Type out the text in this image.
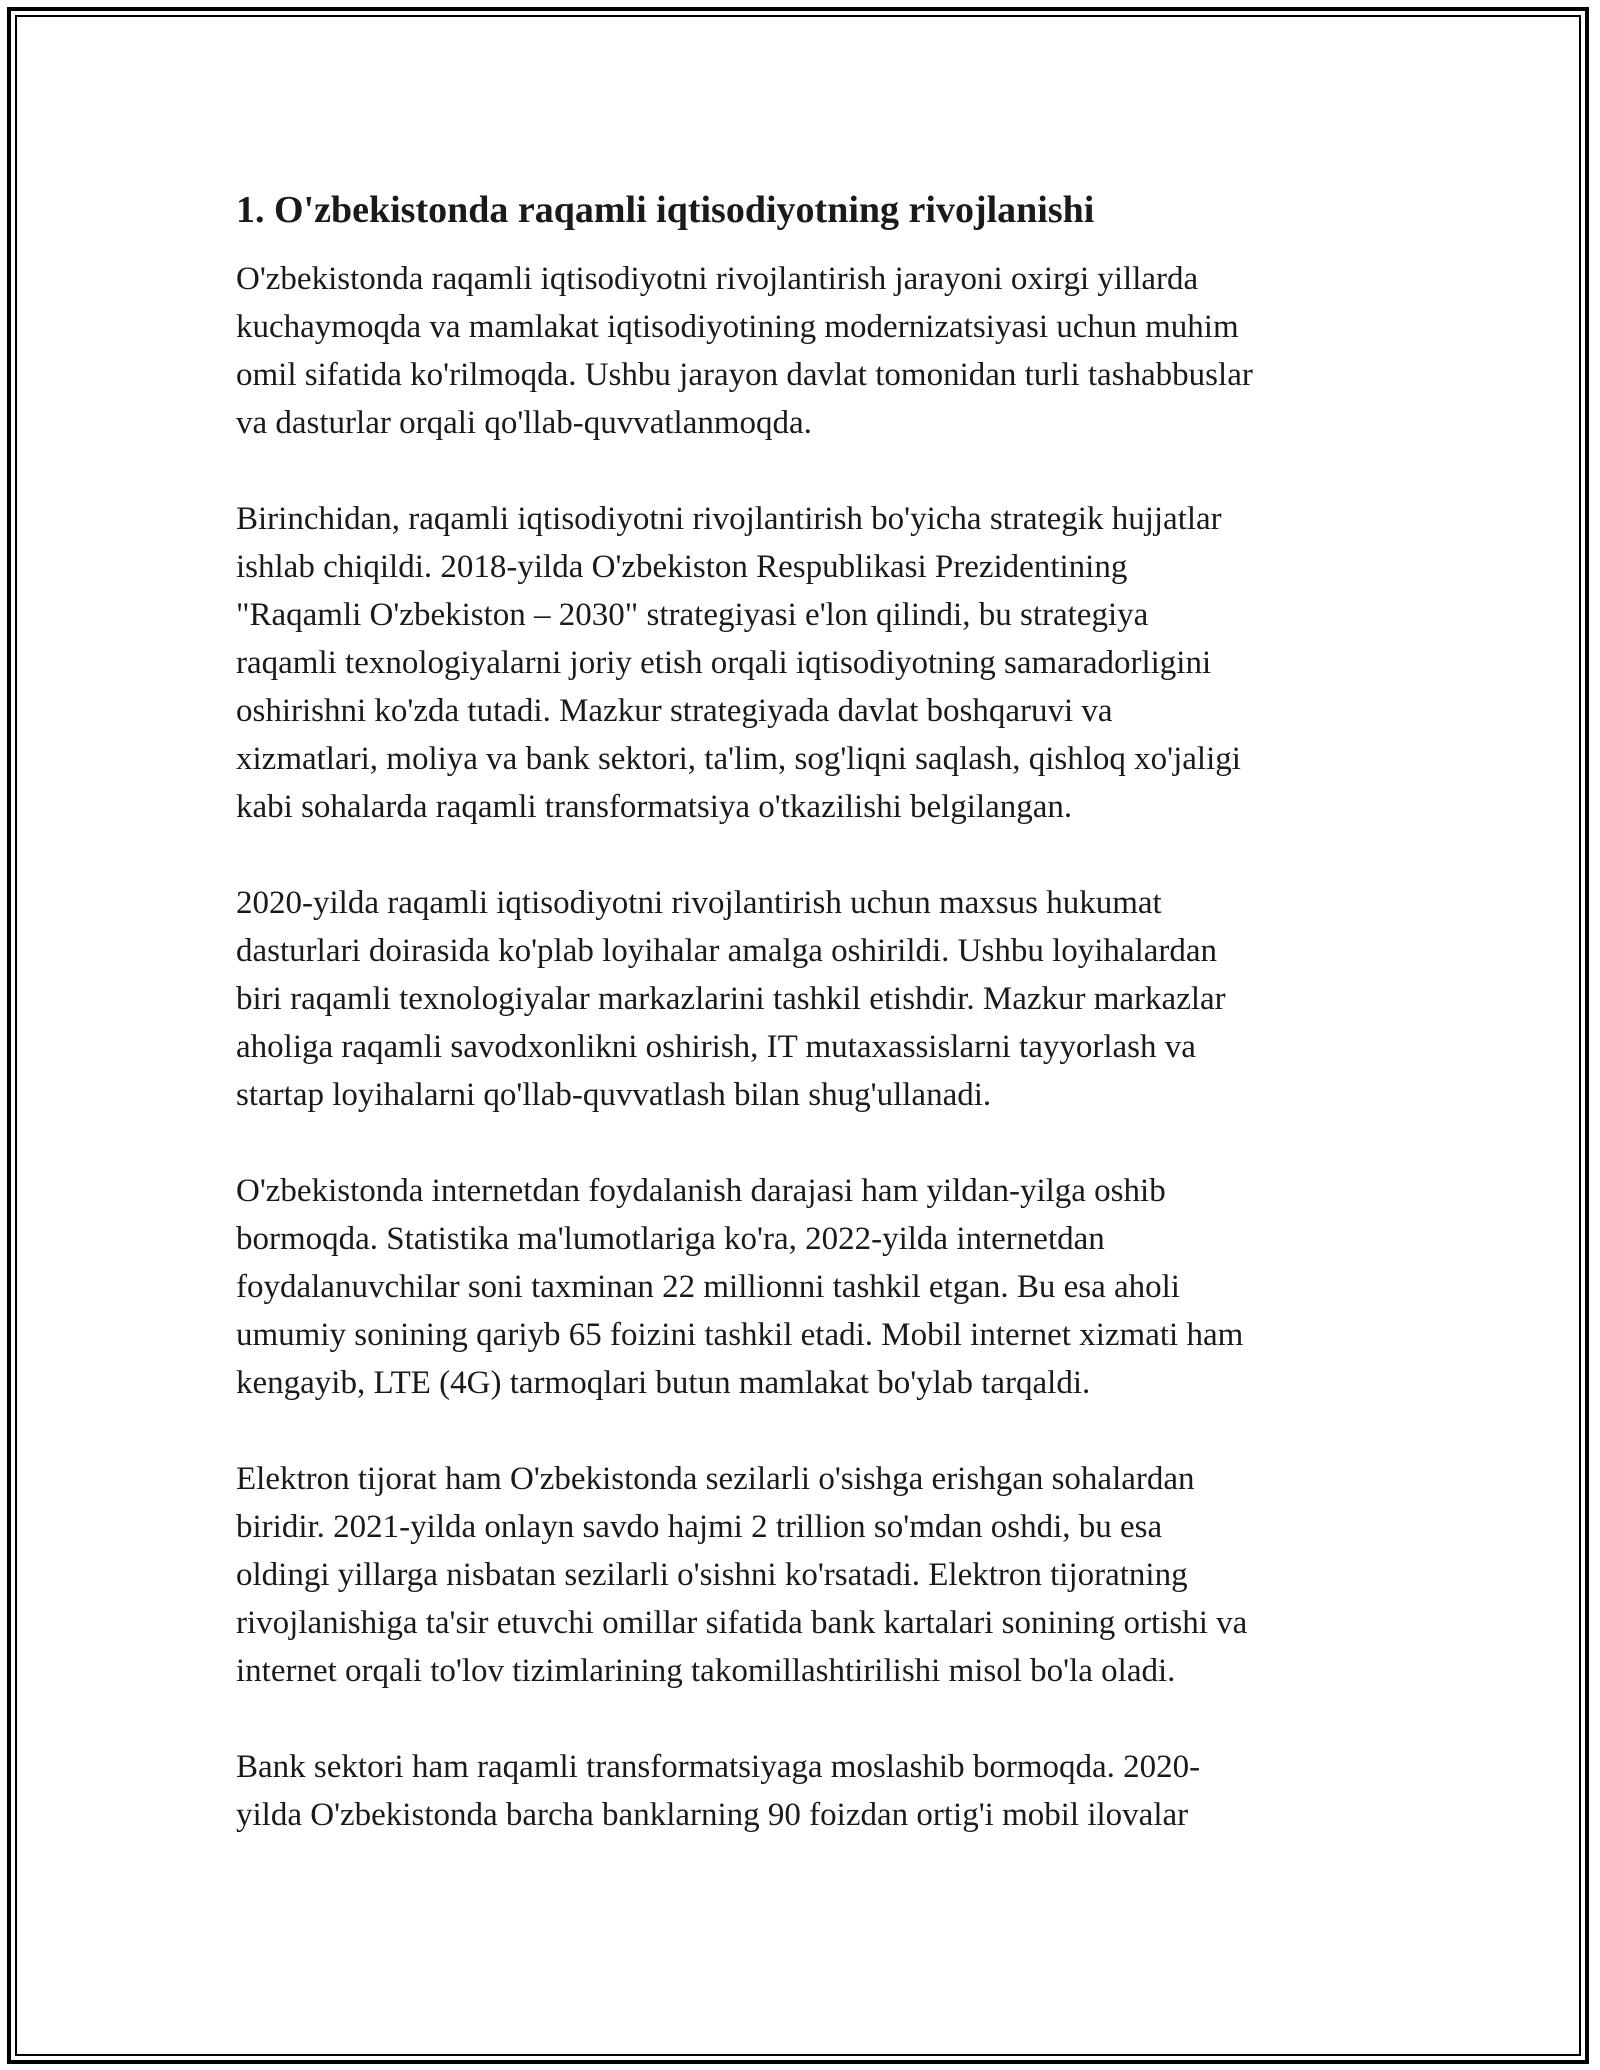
1. O'zbekistonda raqamli iqtisodiyotning rivojlanishi

O'zbekistonda raqamli iqtisodiyotni rivojlantirish jarayoni oxirgi yillarda
kuchaymoqda va mamlakat iqtisodiyotining modernizatsiyasi uchun muhim
omil sifatida ko'rilmoqda. Ushbu jarayon davlat tomonidan turli tashabbuslar
va dasturlar orqali qo'llab-quvvatlanmoqda.

Birinchidan, raqamli iqtisodiyotni rivojlantirish bo'yicha strategik hujjatlar
ishlab chiqildi. 2018-yilda O'zbekiston Respublikasi Prezidentining
"Raqamli O'zbekiston – 2030" strategiyasi e'lon qilindi, bu strategiya
raqamli texnologiyalarni joriy etish orqali iqtisodiyotning samaradorligini
oshirishni ko'zda tutadi. Mazkur strategiyada davlat boshqaruvi va
xizmatlari, moliya va bank sektori, ta'lim, sog'liqni saqlash, qishloq xo'jaligi
kabi sohalarda raqamli transformatsiya o'tkazilishi belgilangan.

2020-yilda raqamli iqtisodiyotni rivojlantirish uchun maxsus hukumat
dasturlari doirasida ko'plab loyihalar amalga oshirildi. Ushbu loyihalardan
biri raqamli texnologiyalar markazlarini tashkil etishdir. Mazkur markazlar
aholiga raqamli savodxonlikni oshirish, IT mutaxassislarni tayyorlash va
startap loyihalarni qo'llab-quvvatlash bilan shug'ullanadi.

O'zbekistonda internetdan foydalanish darajasi ham yildan-yilga oshib
bormoqda. Statistika ma'lumotlariga ko'ra, 2022-yilda internetdan
foydalanuvchilar soni taxminan 22 millionni tashkil etgan. Bu esa aholi
umumiy sonining qariyb 65 foizini tashkil etadi. Mobil internet xizmati ham
kengayib, LTE (4G) tarmoqlari butun mamlakat bo'ylab tarqaldi.

Elektron tijorat ham O'zbekistonda sezilarli o'sishga erishgan sohalardan
biridir. 2021-yilda onlayn savdo hajmi 2 trillion so'mdan oshdi, bu esa
oldingi yillarga nisbatan sezilarli o'sishni ko'rsatadi. Elektron tijoratning
rivojlanishiga ta'sir etuvchi omillar sifatida bank kartalari sonining ortishi va
internet orqali to'lov tizimlarining takomillashtirilishi misol bo'la oladi.

Bank sektori ham raqamli transformatsiyaga moslashib bormoqda. 2020-
yilda O'zbekistonda barcha banklarning 90 foizdan ortig'i mobil ilovalar
